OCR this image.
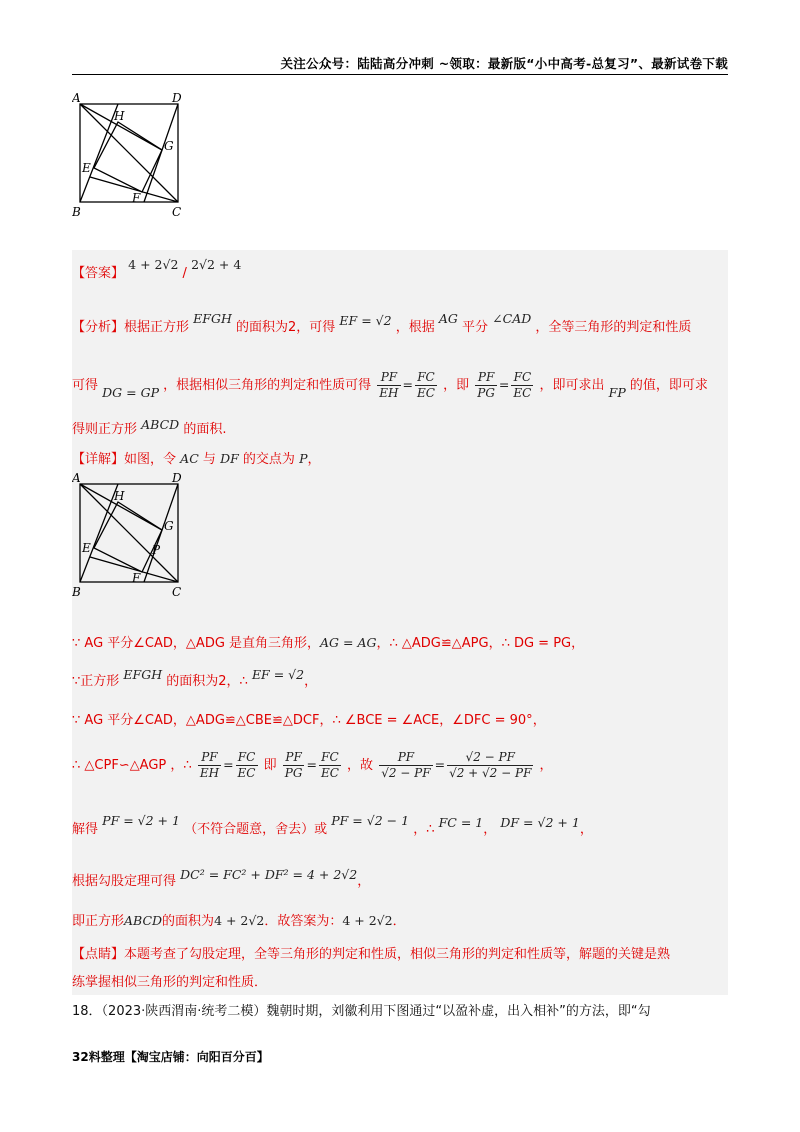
关注公众号：陆陆高分冲刺 ~领取：最新版“小中高考-总复习”、最新试卷下载
A	D
H
G
E
F
B	C
【答案】 4 + 2√2 / 2√2 + 4
【分析】根据正方形 EFGH 的面积为2，可得 EF = √2 ，根据 AG 平分 ∠CAD ，全等三角形的判定和性质
可得 DG = GP ，根据相似三角形的判定和性质可得 $\frac{PF}{EH} = \frac{FC}{EC}$ ，即 $\frac{PF}{PG} = \frac{FC}{EC}$ ，即可求出 FP 的值，即可求
得则正方形 ABCD 的面积.
【详解】如图，令 AC 与 DF 的交点为 P，
A	D
H
G
E	P
F
B	C
∵ AG 平分∠CAD，△ADG 是直角三角形，AG = AG，∴ △ADG≌△APG，∴ DG = PG，
∵正方形 EFGH 的面积为2，∴ EF = √2，
∵ AG 平分∠CAD，△ADG≌△CBE≌△DCF，∴ ∠BCE = ∠ACE，∠DFC = 90°，
∴ △CPF∽△AGP ，∴ $\frac{PF}{EH} = \frac{FC}{EC}$ 即 $\frac{PF}{PG} = \frac{FC}{EC}$ ，故 $\frac{PF}{√2 - PF} = \frac{√2 - PF}{√2 + √2 - PF}$ ，
解得 PF = √2 + 1 （不符合题意，舍去）或 PF = √2 − 1 ，∴ FC = 1， DF = √2 + 1，
根据勾股定理可得 DC² = FC² + DF² = 4 + 2√2，
即正方形ABCD的面积为4 + 2√2．故答案为：4 + 2√2．
【点睛】本题考查了勾股定理，全等三角形的判定和性质，相似三角形的判定和性质等，解题的关键是熟
练掌握相似三角形的判定和性质．
18．（2023·陕西渭南·统考二模）魏朝时期，刘徽利用下图通过“以盈补虚，出入相补”的方法，即“勾
32料整理【淘宝店铺：向阳百分百】
